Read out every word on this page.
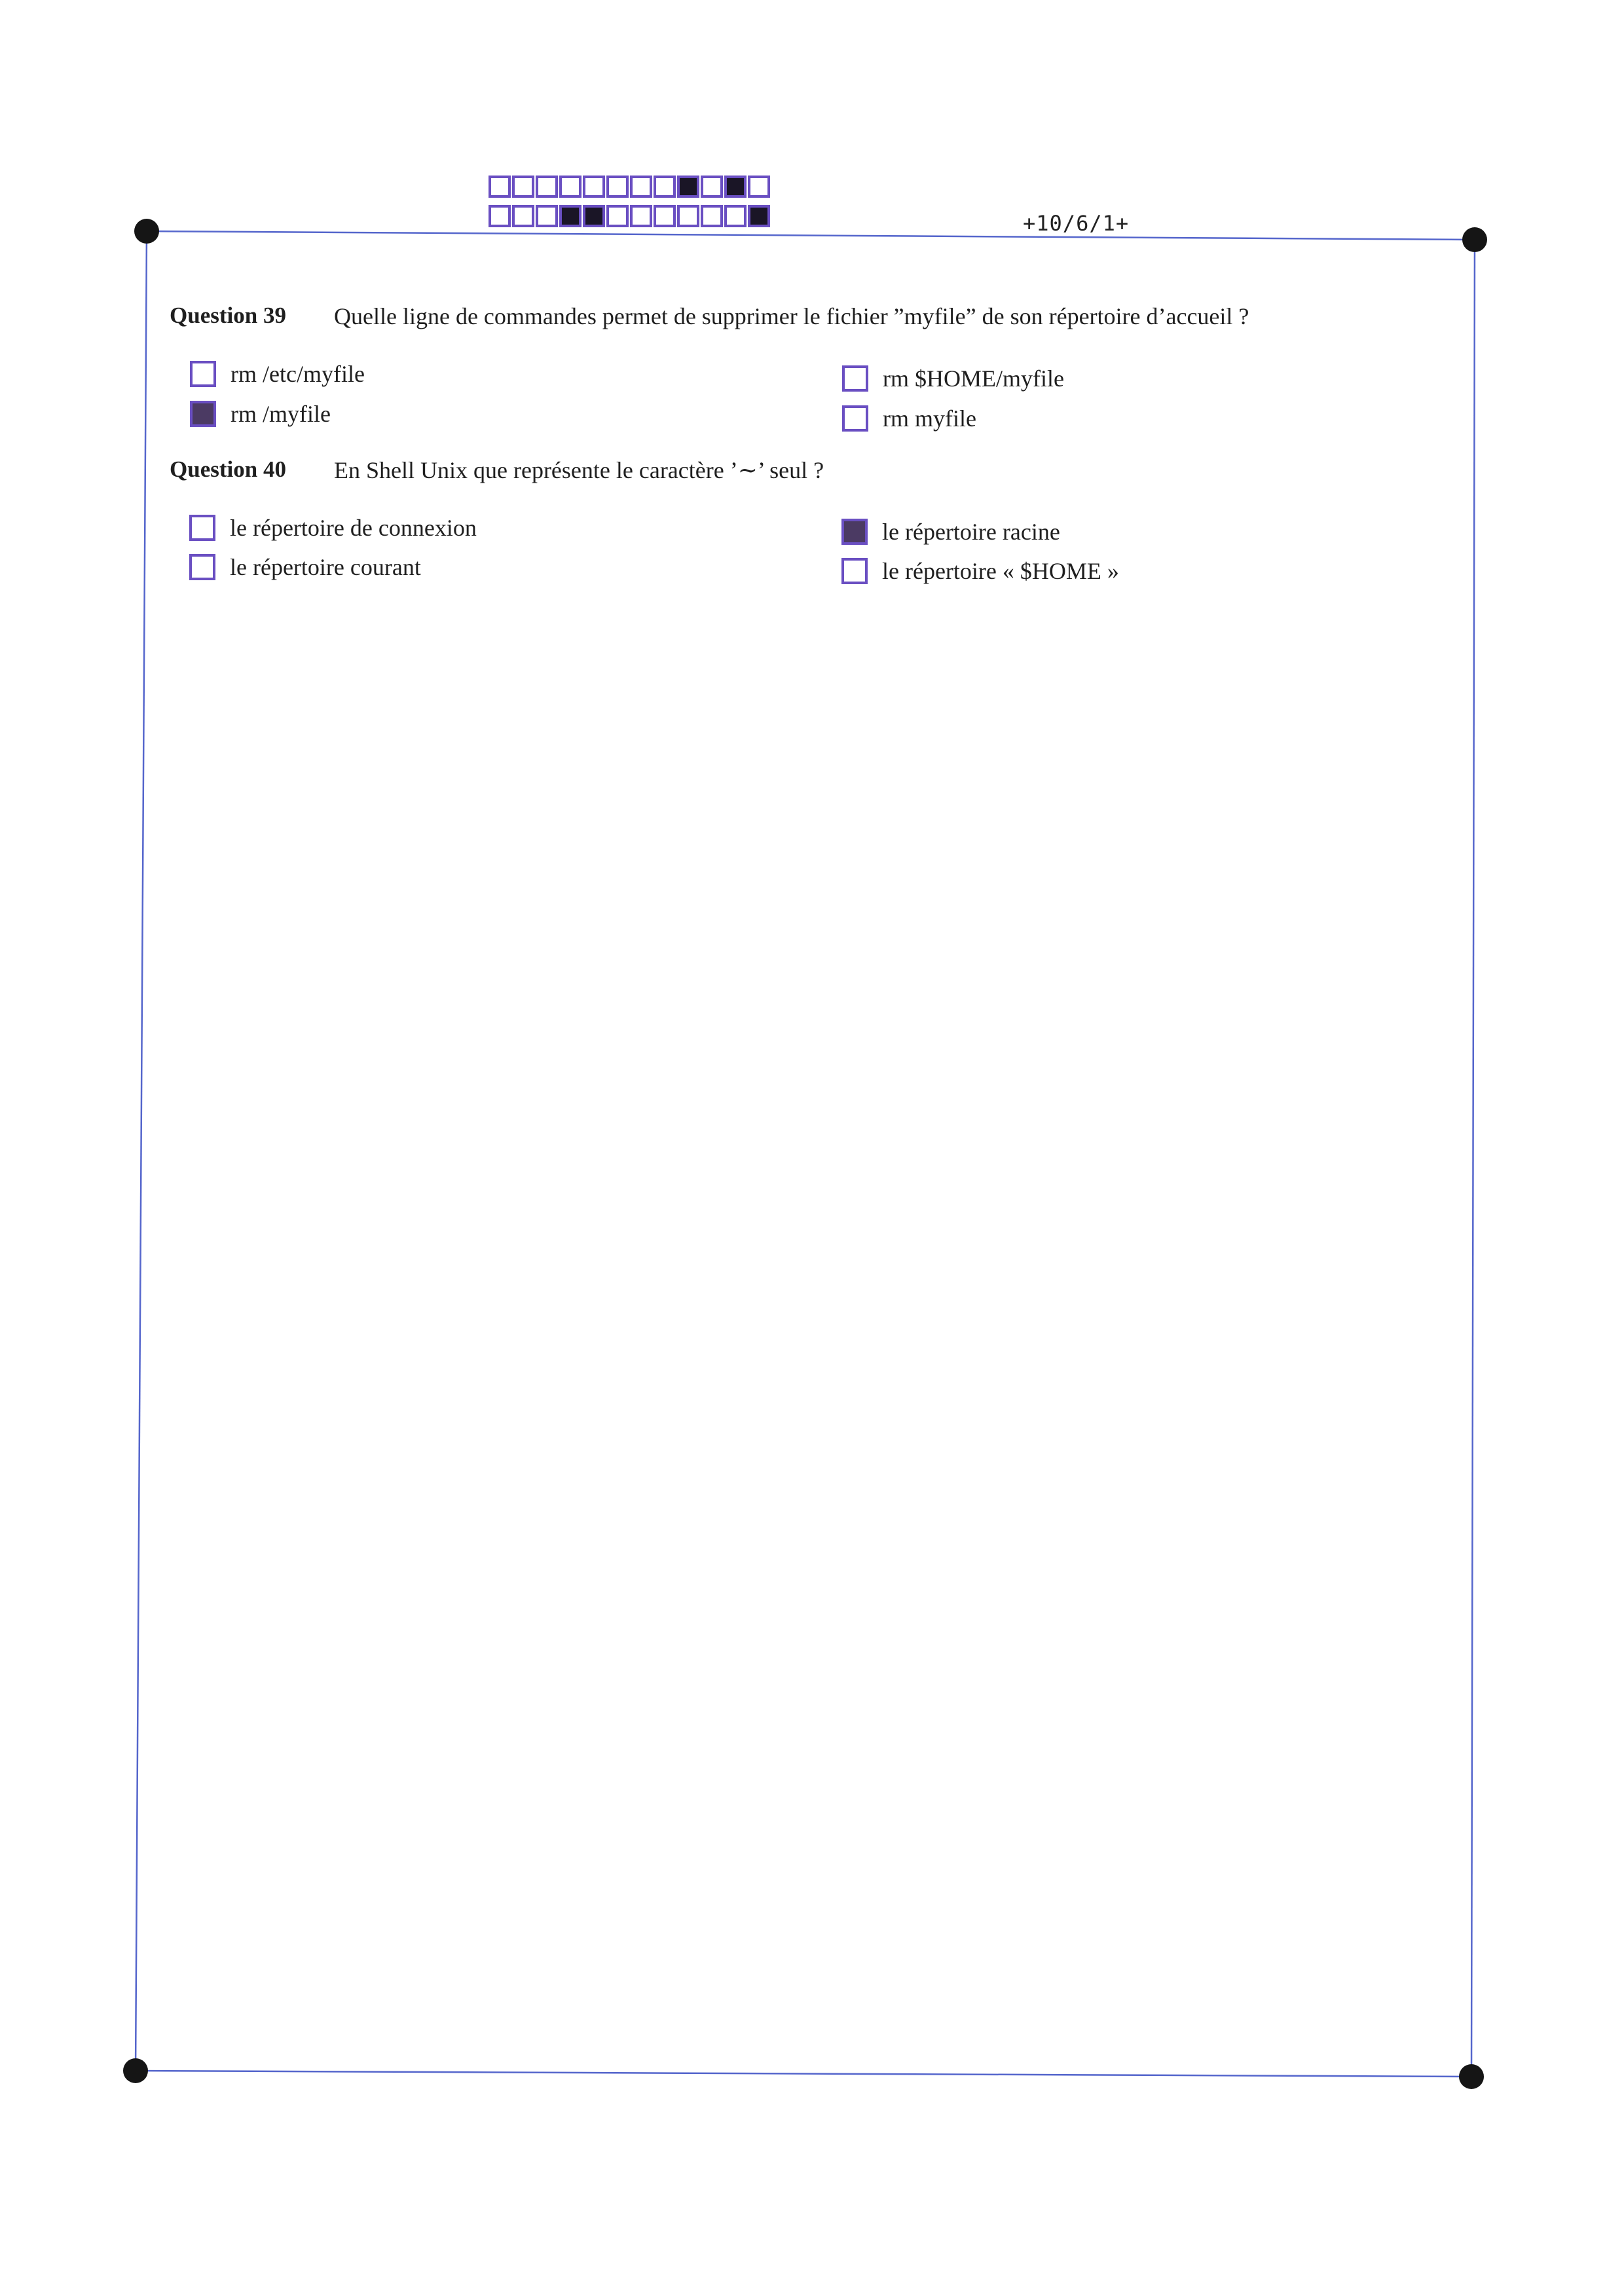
+10/6/1+
Question 39 Quelle ligne de commandes permet de supprimer le fichier ”myfile” de son répertoire d’accueil ?
rm /etc/myfile
rm /myfile
rm $HOME/myfile
rm myfile
Question 40 En Shell Unix que représente le caractère ’∼’ seul ?
le répertoire de connexion
le répertoire courant
le répertoire racine
le répertoire « $HOME »
